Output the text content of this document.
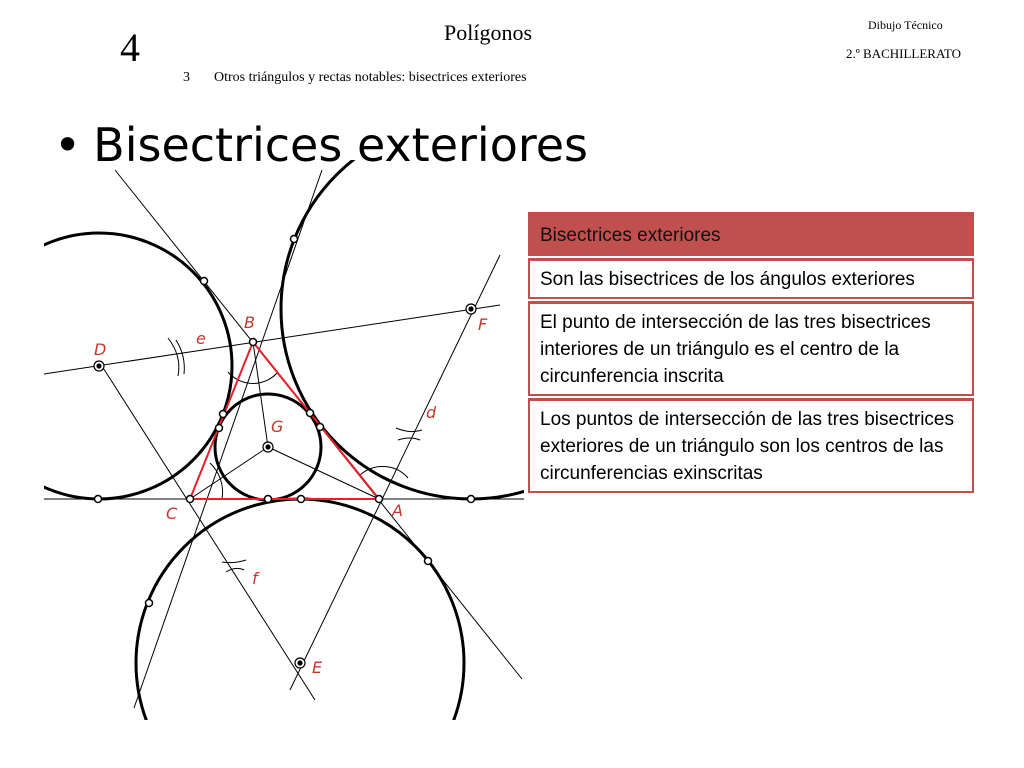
4	Polígonos
3 Otros triángulos y rectas notables: bisectrices exteriores
Dibujo Técnico
2.º BACHILLERATO
• Bisectrices exteriores
B
e
D
F
G
d
C	A
f
E
Bisectrices exteriores
Son las bisectrices de los ángulos exteriores
El punto de intersección de las tres bisectrices interiores de un triángulo es el centro de la circunferencia inscrita
Los puntos de intersección de las tres bisectrices exteriores de un triángulo son los centros de las circunferencias exinscritas
